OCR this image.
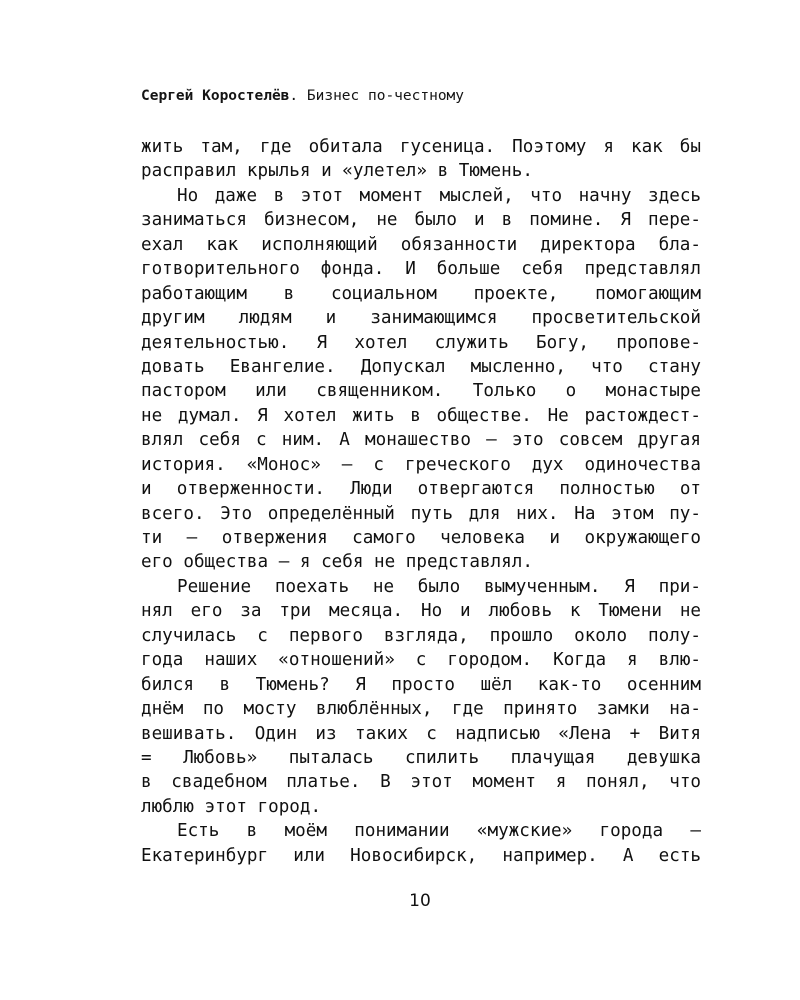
Сергей Коростелёв. Бизнес по-честному
жить там, где обитала гусеница. Поэтому я как бы
расправил крылья и «улетел» в Тюмень.
Но даже в этот момент мыслей, что начну здесь
заниматься бизнесом, не было и в помине. Я пере-
ехал как исполняющий обязанности директора бла-
готворительного фонда. И больше себя представлял
работающим в социальном проекте, помогающим
другим людям и занимающимся просветительской
деятельностью. Я хотел служить Богу, пропове-
довать Евангелие. Допускал мысленно, что стану
пастором или священником. Только о монастыре
не думал. Я хотел жить в обществе. Не растождест-
влял себя с ним. А монашество — это совсем другая
история. «Монос» — с греческого дух одиночества
и отверженности. Люди отвергаются полностью от
всего. Это определённый путь для них. На этом пу-
ти — отвержения самого человека и окружающего
его общества — я себя не представлял.
Решение поехать не было вымученным. Я при-
нял его за три месяца. Но и любовь к Тюмени не
случилась с первого взгляда, прошло около полу-
года наших «отношений» с городом. Когда я влю-
бился в Тюмень? Я просто шёл как-то осенним
днём по мосту влюблённых, где принято замки на-
вешивать. Один из таких с надписью «Лена + Витя
= Любовь» пыталась спилить плачущая девушка
в свадебном платье. В этот момент я понял, что
люблю этот город.
Есть в моём понимании «мужские» города —
Екатеринбург или Новосибирск, например. А есть
10
